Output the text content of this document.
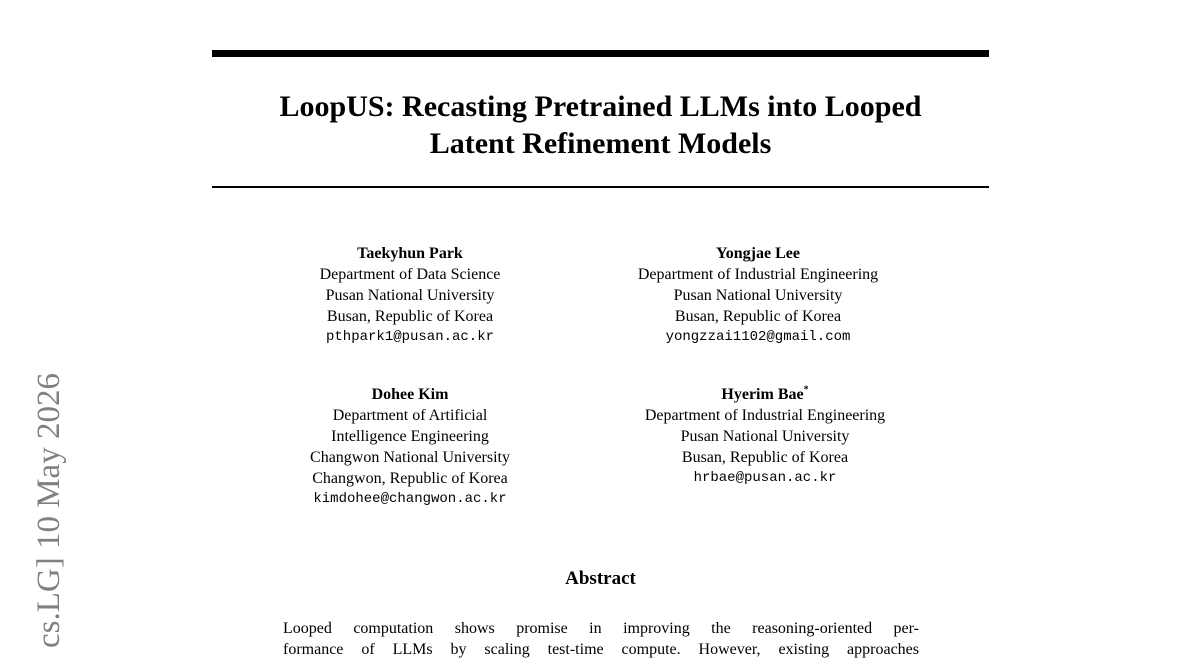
LoopUS: Recasting Pretrained LLMs into Looped
Latent Refinement Models
Taekyhun Park
Department of Data Science
Pusan National University
Busan, Republic of Korea
pthpark1@pusan.ac.kr
Yongjae Lee
Department of Industrial Engineering
Pusan National University
Busan, Republic of Korea
yongzzai1102@gmail.com
Dohee Kim
Department of Artificial
Intelligence Engineering
Changwon National University
Changwon, Republic of Korea
kimdohee@changwon.ac.kr
Hyerim Bae*
Department of Industrial Engineering
Pusan National University
Busan, Republic of Korea
hrbae@pusan.ac.kr
Abstract
Looped computation shows promise in improving the reasoning-oriented per-
formance of LLMs by scaling test-time compute. However, existing approaches
cs.LG] 10 May 2026
